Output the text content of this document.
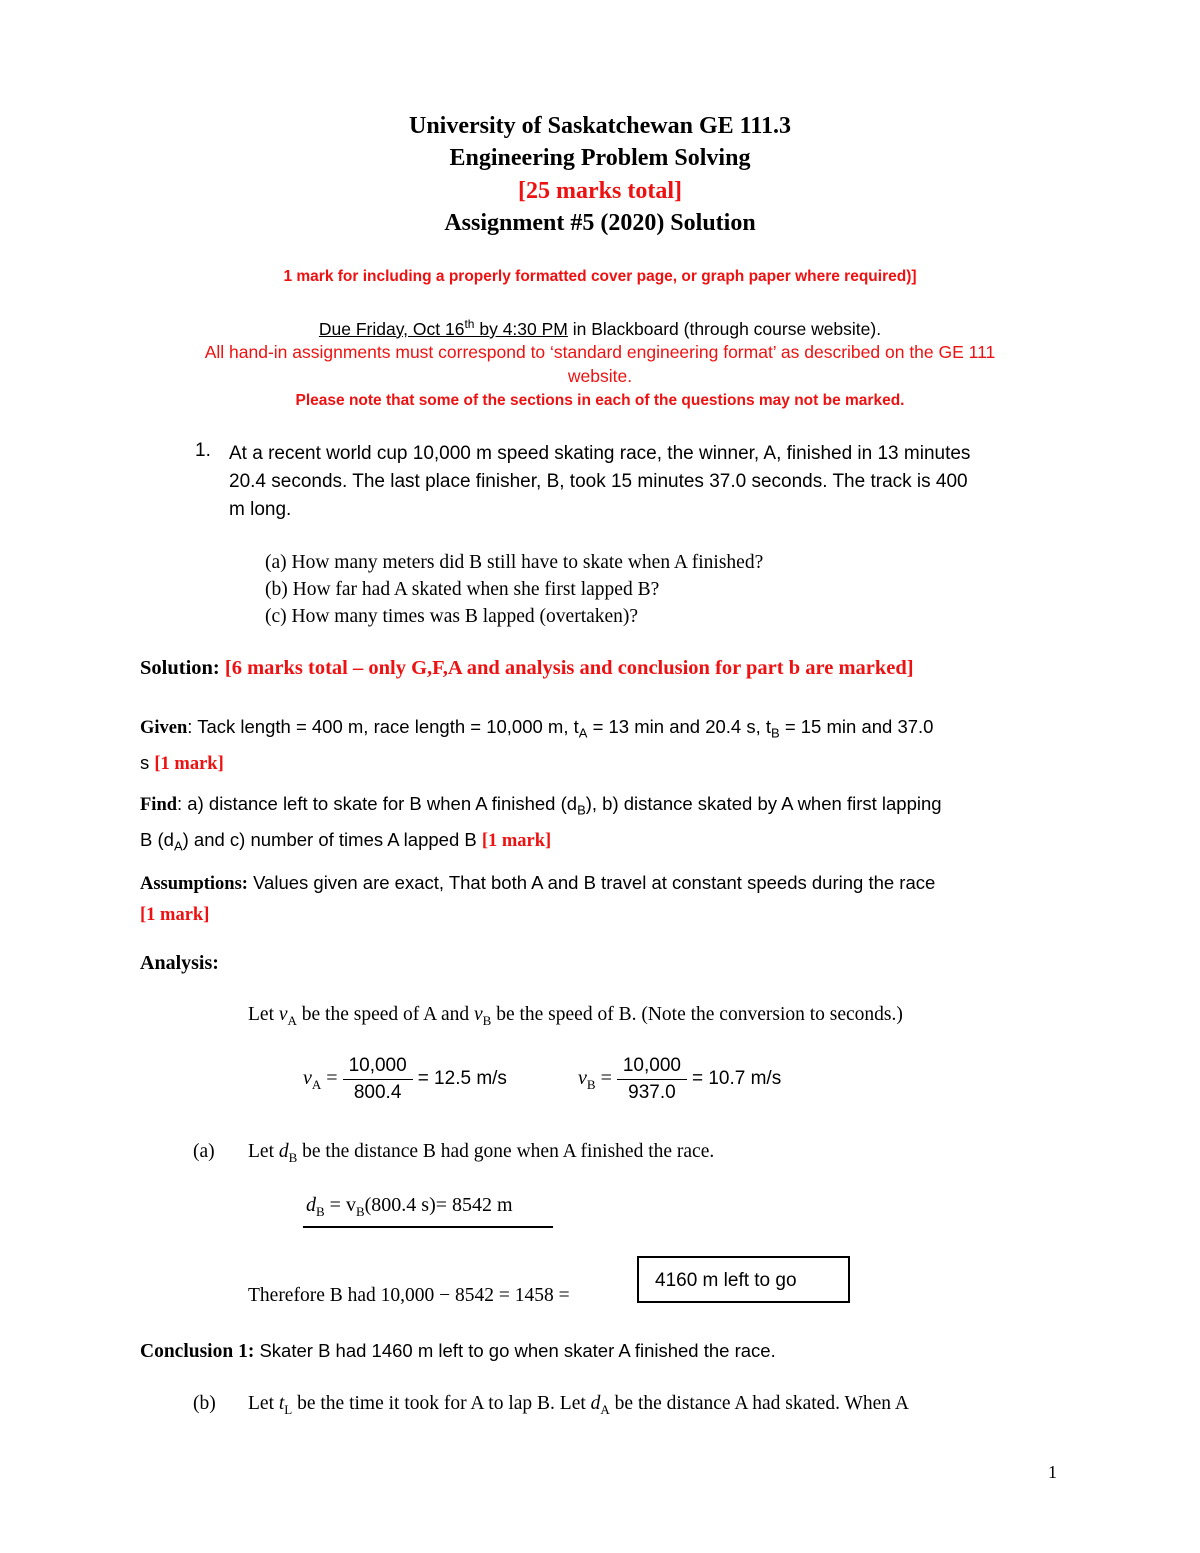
University of Saskatchewan GE 111.3
Engineering Problem Solving
[25 marks total]
Assignment #5 (2020) Solution
1 mark for including a properly formatted cover page, or graph paper where required)]
Due Friday, Oct 16th by 4:30 PM in Blackboard (through course website).
All hand-in assignments must correspond to ‘standard engineering format’ as described on the GE 111
website.
Please note that some of the sections in each of the questions may not be marked.
1. At a recent world cup 10,000 m speed skating race, the winner, A, finished in 13 minutes
20.4 seconds. The last place finisher, B, took 15 minutes 37.0 seconds. The track is 400
m long.
(a) How many meters did B still have to skate when A finished?
(b) How far had A skated when she first lapped B?
(c) How many times was B lapped (overtaken)?
Solution: [6 marks total – only G,F,A and analysis and conclusion for part b are marked]
Given: Tack length = 400 m, race length = 10,000 m, $t_A = 13$ min and 20.4 s, $t_B = 15$ min and 37.0
s [1 mark]
Find: a) distance left to skate for B when A finished $(d_B)$, b) distance skated by A when first lapping
B $(d_A)$ and c) number of times A lapped B [1 mark]
Assumptions: Values given are exact, That both A and B travel at constant speeds during the race
[1 mark]
Analysis:
Let $v_A$ be the speed of A and $v_B$ be the speed of B. (Note the conversion to seconds.)
$v_A = \frac{10,000}{800.4} = 12.5$ m/s	$v_B = \frac{10,000}{937.0} = 10.7$ m/s
(a) Let $d_B$ be the distance B had gone when A finished the race.
$d_B = v_B(800.4$ s)= 8542 m
Therefore B had 10,000 − 8542 = 1458 =
4160 m left to go
Conclusion 1: Skater B had 1460 m left to go when skater A finished the race.
(b) Let $t_L$ be the time it took for A to lap B. Let $d_A$ be the distance A had skated. When A
1
